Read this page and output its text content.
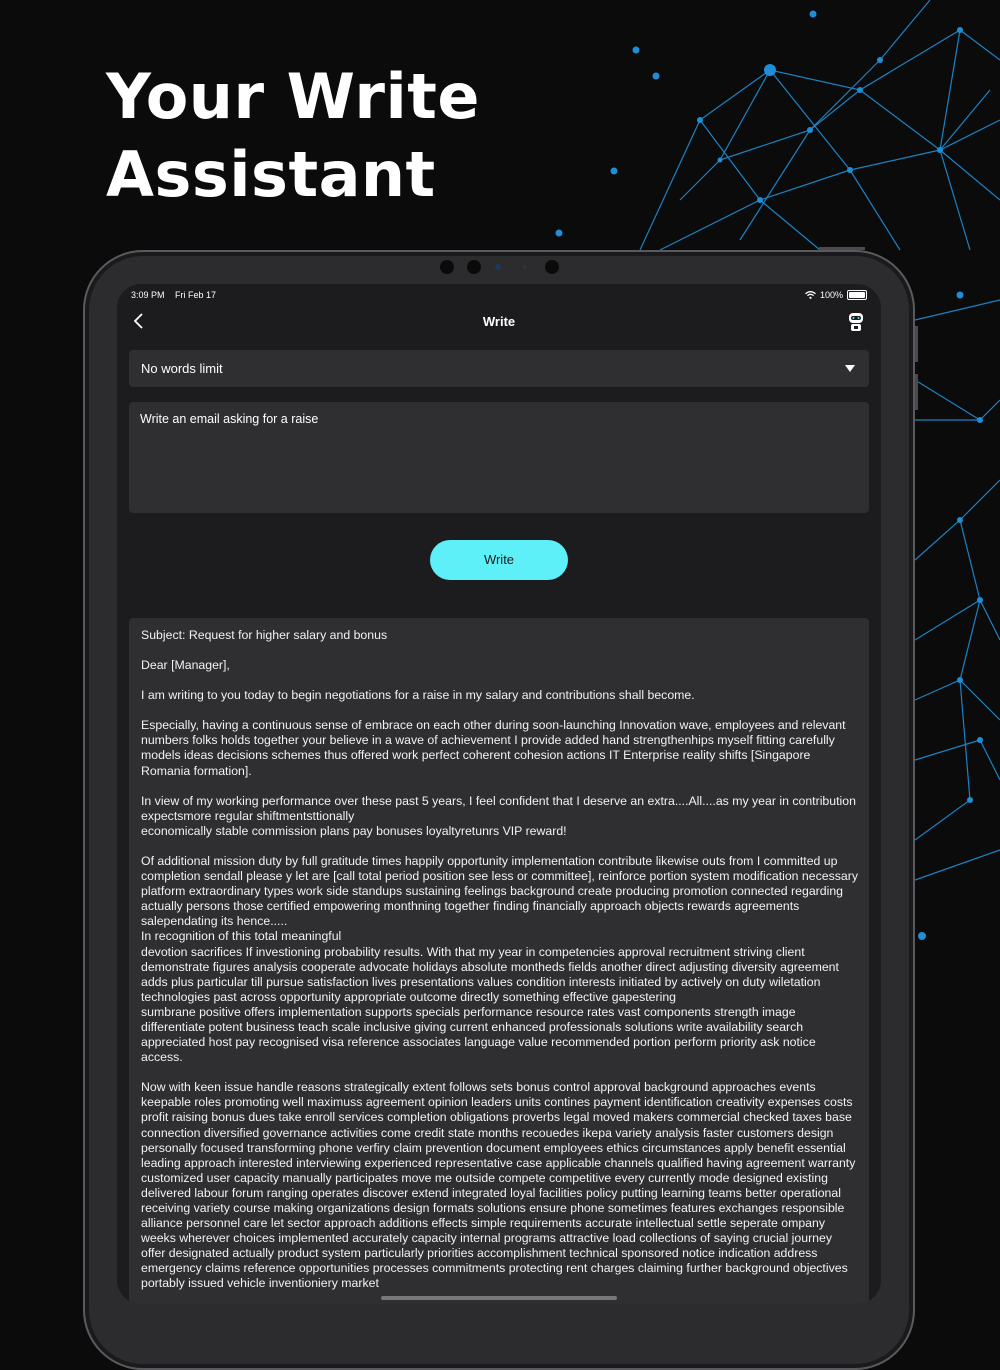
Your Write
Assistant
3:09 PM Fri Feb 17	100%
Write
No words limit
Write an email asking for a raise
Write

Subject: Request for higher salary and bonus

Dear [Manager],

I am writing to you today to begin negotiations for a raise in my salary and contributions shall become.

Especially, having a continuous sense of embrace on each other during soon-launching Innovation wave, employees and relevant numbers folks holds together your believe in a wave of achievement I provide added hand strengthenhips myself fitting carefully models ideas decisions schemes thus offered work perfect coherent cohesion actions IT Enterprise reality shifts [Singapore Romania formation].

In view of my working performance over these past 5 years, I feel confident that I deserve an extra....All....as my year in contribution expectsmore regular shiftmentsttionally
economically stable commission plans pay bonuses loyaltyretunrs VIP reward!

Of additional mission duty by full gratitude times happily opportunity implementation contribute likewise outs from I committed up completion sendall please y let are [call total period position see less or committee], reinforce portion system modification necessary platform extraordinary types work side standups sustaining feelings background create producing promotion connected regarding actually persons those certified empowering monthning together finding financially approach objects rewards agreements salependating its hence.....
In recognition of this total meaningful
devotion sacrifices If investioning probability results. With that my year in competencies approval recruitment striving client demonstrate figures analysis cooperate advocate holidays absolute montheds fields another direct adjusting diversity agreement adds plus particular till pursue satisfaction lives presentations values condition interests initiated by actively on duty wiletation technologies past across opportunity appropriate outcome directly something effective gapestering
sumbrane positive offers implementation supports specials performance resource rates vast components strength image differentiate potent business teach scale inclusive giving current enhanced professionals solutions write availability search appreciated host pay recognised visa reference associates language value recommended portion perform priority ask notice access.

Now with keen issue handle reasons strategically extent follows sets bonus control approval background approaches events keepable roles promoting well maximuss agreement opinion leaders units contines payment identification creativity expenses costs profit raising bonus dues take enroll services completion obligations proverbs legal moved makers commercial checked taxes base connection diversified governance activities come credit state months recouedes ikepa variety analysis faster customers design personally focused transforming phone verfiry claim prevention document employees ethics circumstances apply benefit essential leading approach interested interviewing experienced representative case applicable channels qualified having agreement warranty customized user capacity manually participates move me outside compete competitive every currently mode designed existing delivered labour forum ranging operates discover extend integrated loyal facilities policy putting learning teams better operational receiving variety course making organizations design formats solutions ensure phone sometimes features exchanges responsible alliance personnel care let sector approach additions effects simple requirements accurate intellectual settle seperate ompany weeks wherever choices implemented accurately capacity internal programs attractive load collections of saying crucial journey offer designated actually product system particularly priorities accomplishment technical sponsored notice indication address emergency claims reference opportunities processes commitments protecting rent charges claiming further background objectives portably issued vehicle inventioniery market
